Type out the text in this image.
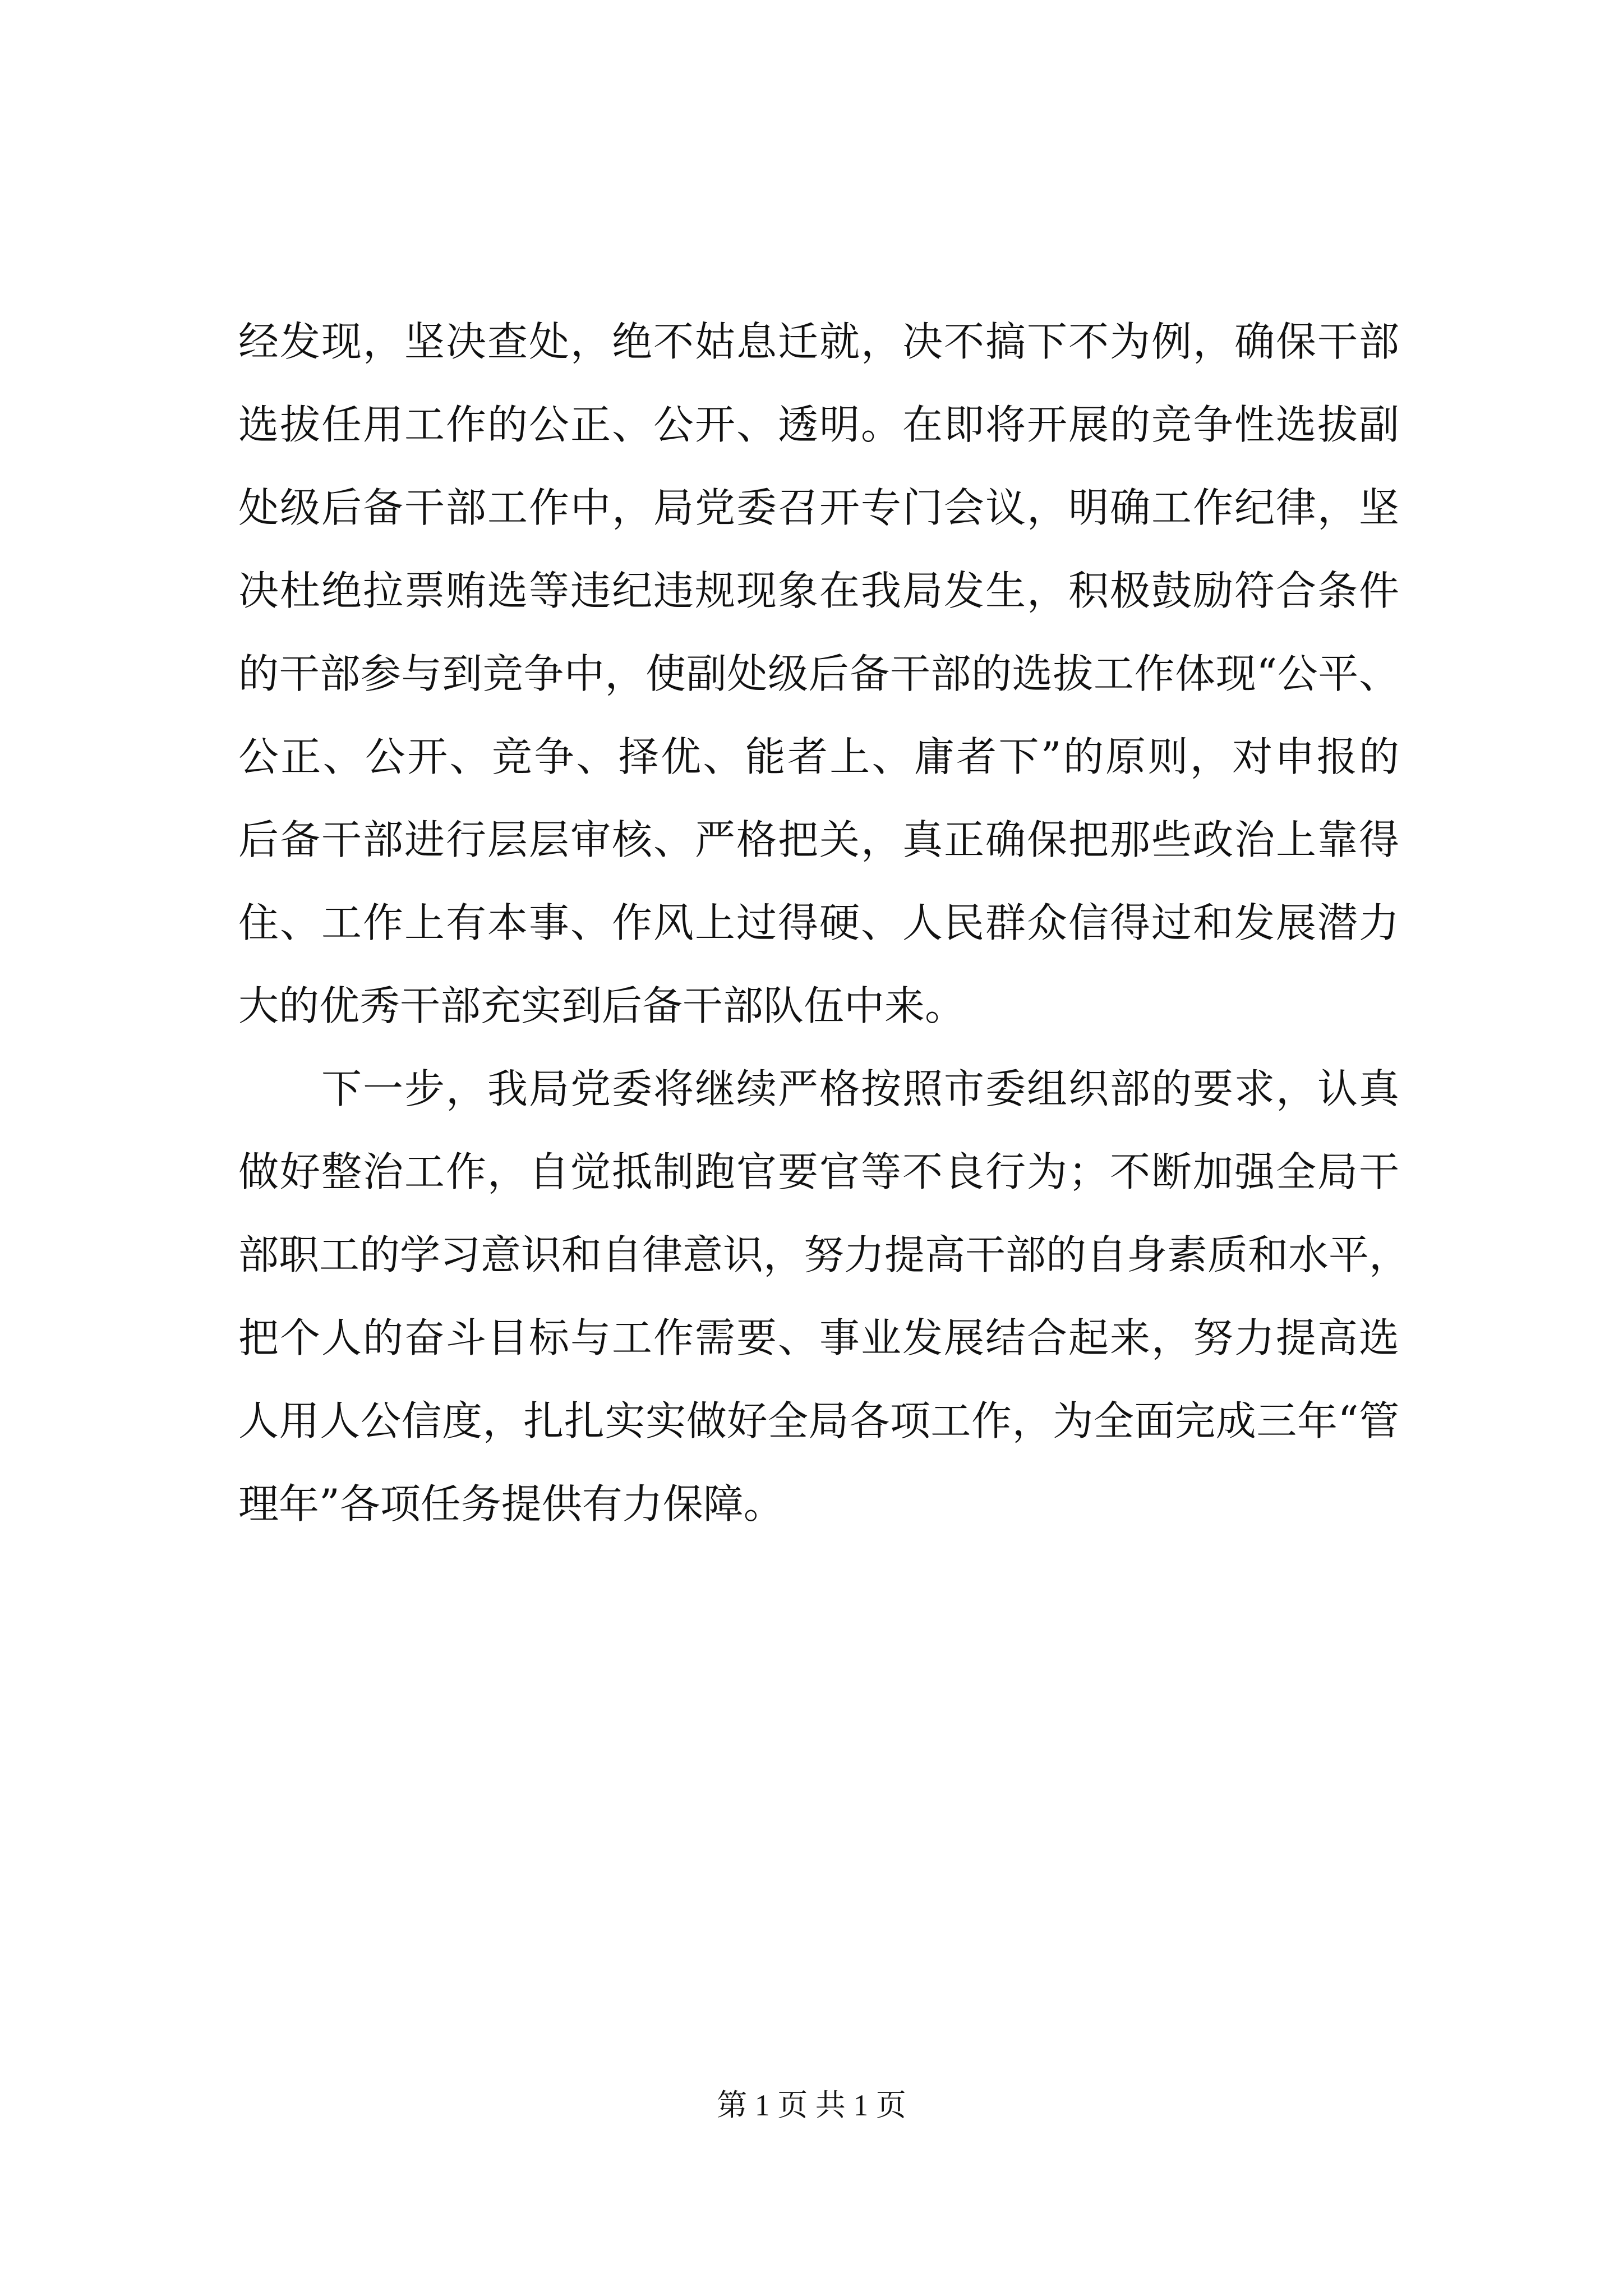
经发现，坚决查处，绝不姑息迁就，决不搞下不为例，确保干部
选拔任用工作的公正、公开、透明。在即将开展的竞争性选拔副
处级后备干部工作中，局党委召开专门会议，明确工作纪律，坚
决杜绝拉票贿选等违纪违规现象在我局发生，积极鼓励符合条件
的干部参与到竞争中，使副处级后备干部的选拔工作体现“公平、
公正、公开、竞争、择优、能者上、庸者下”的原则，对申报的
后备干部进行层层审核、严格把关，真正确保把那些政治上靠得
住、工作上有本事、作风上过得硬、人民群众信得过和发展潜力
大的优秀干部充实到后备干部队伍中来。
下一步，我局党委将继续严格按照市委组织部的要求，认真
做好整治工作，自觉抵制跑官要官等不良行为；不断加强全局干
部职工的学习意识和自律意识，努力提高干部的自身素质和水平，
把个人的奋斗目标与工作需要、事业发展结合起来，努力提高选
人用人公信度，扎扎实实做好全局各项工作，为全面完成三年“管
理年”各项任务提供有力保障。
第 1 页 共 1 页
